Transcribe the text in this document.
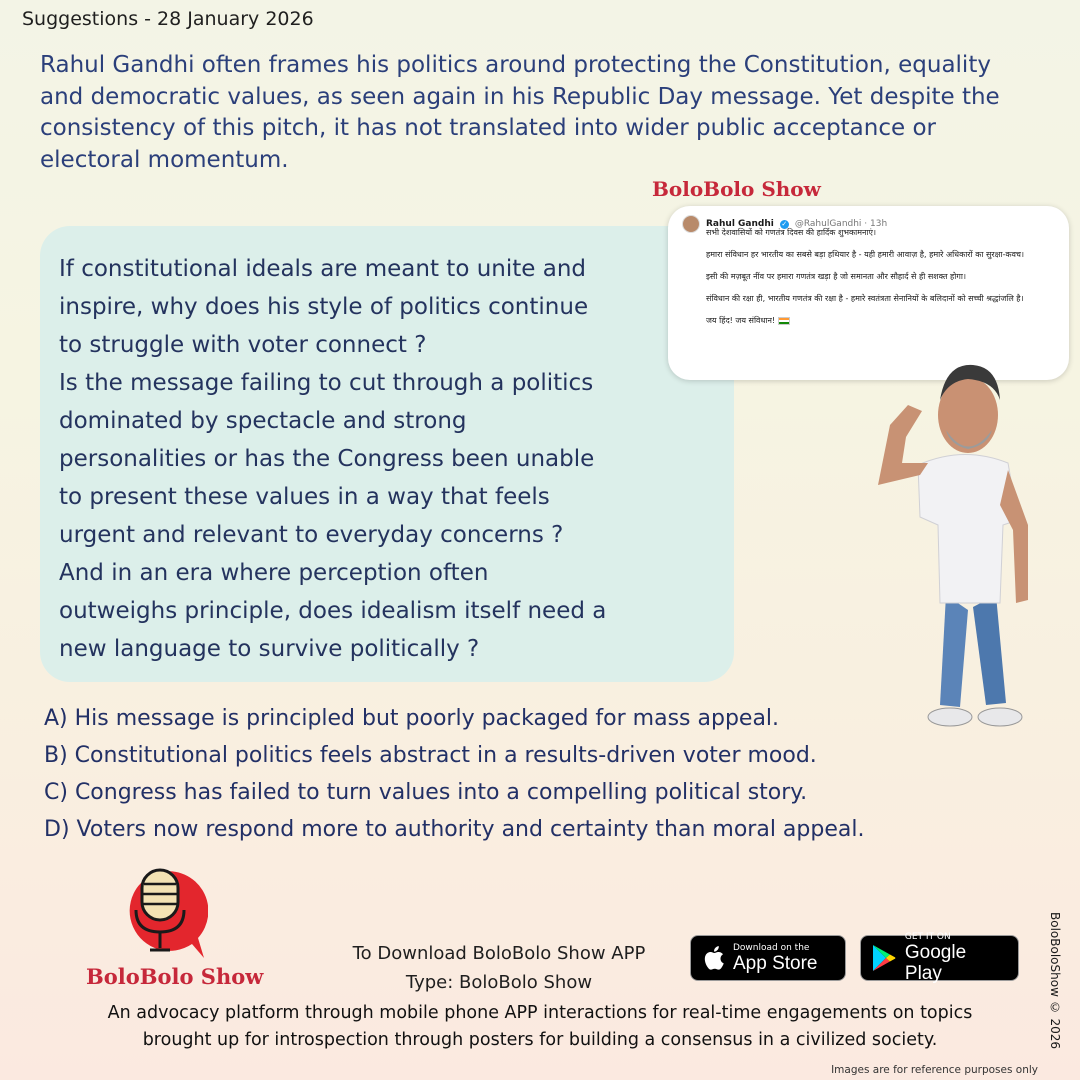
Suggestions - 28 January 2026

Rahul Gandhi often frames his politics around protecting the Constitution, equality and democratic values, as seen again in his Republic Day message. Yet despite the consistency of this pitch, it has not translated into wider public acceptance or electoral momentum.

If constitutional ideals are meant to unite and

inspire, why does his style of politics continue

to struggle with voter connect ?

Is the message failing to cut through a politics

dominated by spectacle and strong

personalities or has the Congress been unable

to present these values in a way that feels

urgent and relevant to everyday concerns ?

And in an era where perception often

outweighs principle, does idealism itself need a

new language to survive politically ?

BoloBolo Show
Rahul Gandhi ✓ @RahulGandhi · 13h

सभी देशवासियों को गणतंत्र दिवस की हार्दिक शुभकामनाएं।

हमारा संविधान हर भारतीय का सबसे बड़ा हथियार है - यही हमारी आवाज़ है, हमारे अधिकारों का सुरक्षा-कवच।

इसी की मज़बूत नींव पर हमारा गणतंत्र खड़ा है जो समानता और सौहार्द से ही सशक्त होगा।

संविधान की रक्षा ही, भारतीय गणतंत्र की रक्षा है - हमारे स्वतंत्रता सेनानियों के बलिदानों को सच्ची श्रद्धांजलि है।

जय हिंद! जय संविधान!

A) His message is principled but poorly packaged for mass appeal.
B) Constitutional politics feels abstract in a results-driven voter mood.
C) Congress has failed to turn values into a compelling political story.
D) Voters now respond more to authority and certainty than moral appeal.
BoloBolo Show
To Download BoloBolo Show APP
Type: BoloBolo Show
Download on the
App Store
GET IT ON
Google Play
An advocacy platform through mobile phone APP interactions for real-time engagements on topics
brought up for introspection through posters for building a consensus in a civilized society.	BoloBoloShow © 2026
Images are for reference purposes only
